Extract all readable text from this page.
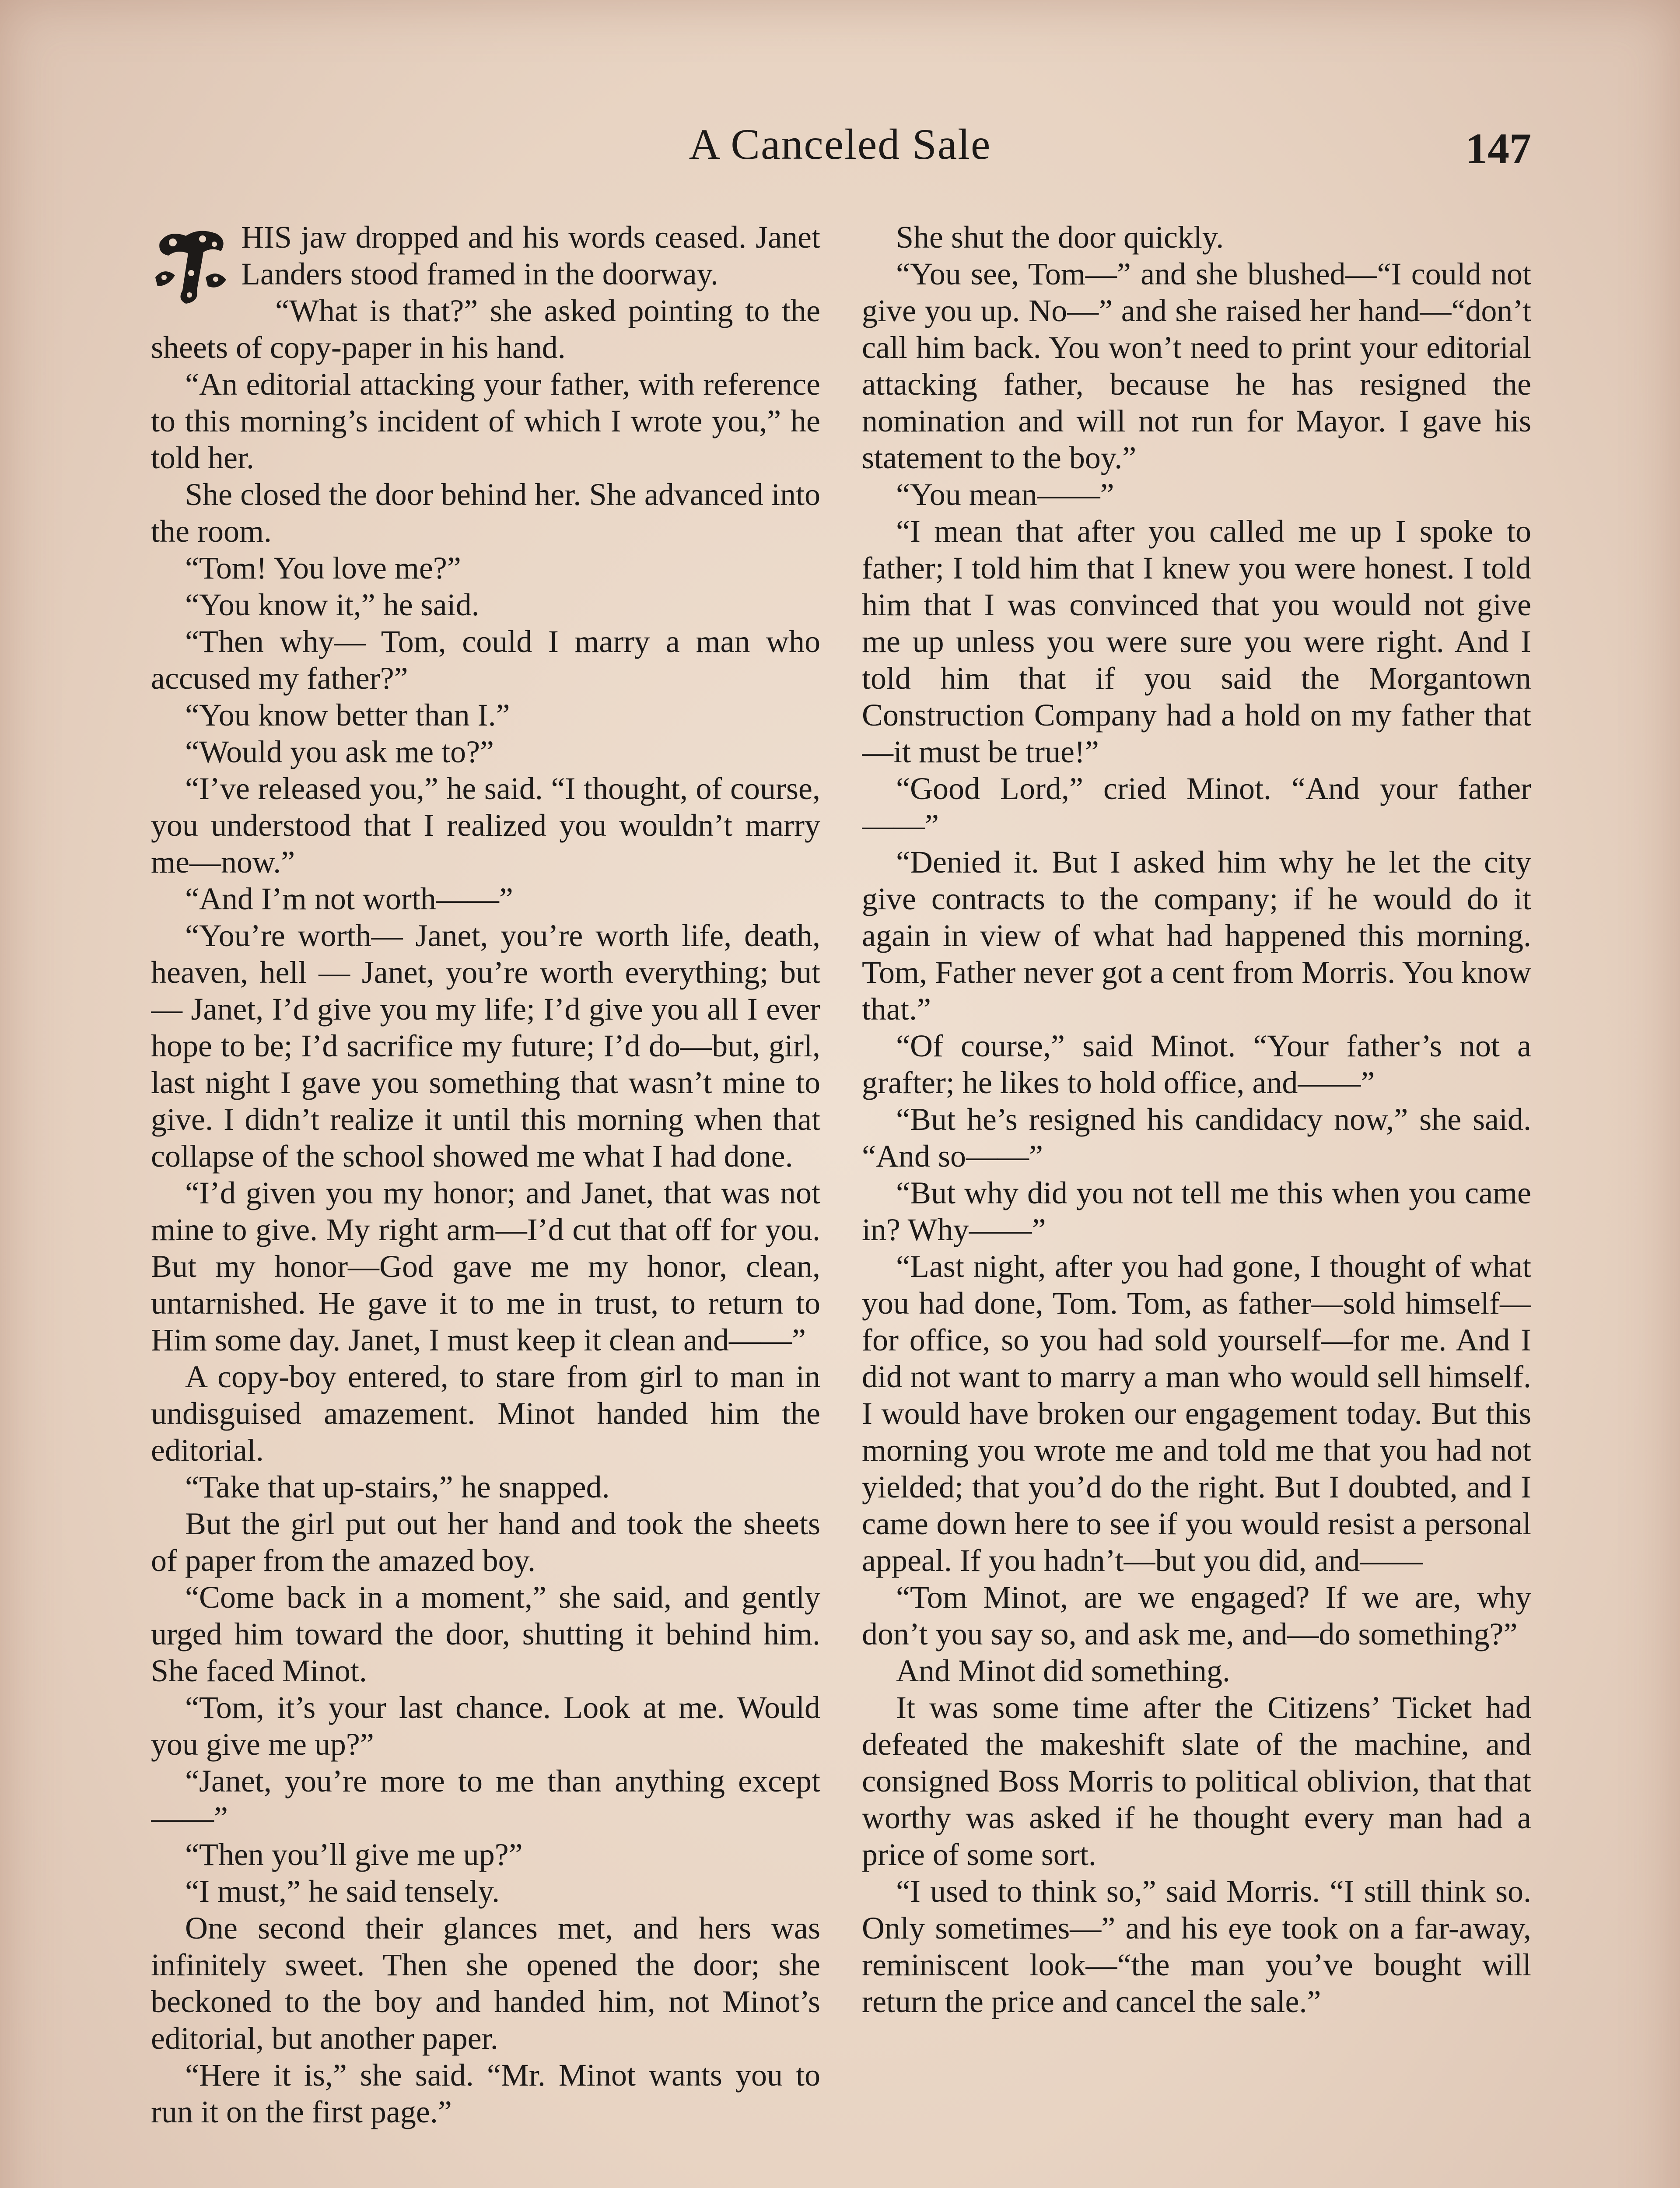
A Canceled Sale	147

HIS jaw dropped and his words ceased. Janet Landers stood framed in the doorway.

“What is that?” she asked pointing to the sheets of copy-paper in his hand.

“An editorial attacking your father, with reference to this morning’s incident of which I wrote you,” he told her.

She closed the door behind her. She advanced into the room.

“Tom! You love me?”

“You know it,” he said.

“Then why— Tom, could I marry a man who accused my father?”

“You know better than I.”

“Would you ask me to?”

“I’ve released you,” he said. “I thought, of course, you understood that I realized you wouldn’t marry me—now.”

“And I’m not worth——”

“You’re worth— Janet, you’re worth life, death, heaven, hell — Janet, you’re worth everything; but— Janet, I’d give you my life; I’d give you all I ever hope to be; I’d sacrifice my future; I’d do—but, girl, last night I gave you something that wasn’t mine to give. I didn’t realize it until this morning when that collapse of the school showed me what I had done.

“I’d given you my honor; and Janet, that was not mine to give. My right arm—I’d cut that off for you. But my honor—God gave me my honor, clean, untarnished. He gave it to me in trust, to return to Him some day. Janet, I must keep it clean and——”

A copy-boy entered, to stare from girl to man in undisguised amazement. Minot handed him the editorial.

“Take that up-stairs,” he snapped.

But the girl put out her hand and took the sheets of paper from the amazed boy.

“Come back in a moment,” she said, and gently urged him toward the door, shutting it behind him. She faced Minot.

“Tom, it’s your last chance. Look at me. Would you give me up?”

“Janet, you’re more to me than anything except——”

“Then you’ll give me up?”

“I must,” he said tensely.

One second their glances met, and hers was infinitely sweet. Then she opened the door; she beckoned to the boy and handed him, not Minot’s editorial, but another paper.

“Here it is,” she said. “Mr. Minot wants you to run it on the first page.”

She shut the door quickly.

“You see, Tom—” and she blushed—“I could not give you up. No—” and she raised her hand—“don’t call him back. You won’t need to print your editorial attacking father, because he has resigned the nomination and will not run for Mayor. I gave his statement to the boy.”

“You mean——”

“I mean that after you called me up I spoke to father; I told him that I knew you were honest. I told him that I was convinced that you would not give me up unless you were sure you were right. And I told him that if you said the Morgantown Construction Company had a hold on my father that—it must be true!”

“Good Lord,” cried Minot. “And your father——”

“Denied it. But I asked him why he let the city give contracts to the company; if he would do it again in view of what had happened this morning. Tom, Father never got a cent from Morris. You know that.”

“Of course,” said Minot. “Your father’s not a grafter; he likes to hold office, and——”

“But he’s resigned his candidacy now,” she said. “And so——”

“But why did you not tell me this when you came in? Why——”

“Last night, after you had gone, I thought of what you had done, Tom. Tom, as father—sold himself—for office, so you had sold yourself—for me. And I did not want to marry a man who would sell himself. I would have broken our engagement today. But this morning you wrote me and told me that you had not yielded; that you’d do the right. But I doubted, and I came down here to see if you would resist a personal appeal. If you hadn’t—but you did, and——

“Tom Minot, are we engaged? If we are, why don’t you say so, and ask me, and—do something?”

And Minot did something.

It was some time after the Citizens’ Ticket had defeated the makeshift slate of the machine, and consigned Boss Morris to political oblivion, that that worthy was asked if he thought every man had a price of some sort.

“I used to think so,” said Morris. “I still think so. Only sometimes—” and his eye took on a far-away, reminiscent look—“the man you’ve bought will return the price and cancel the sale.”
